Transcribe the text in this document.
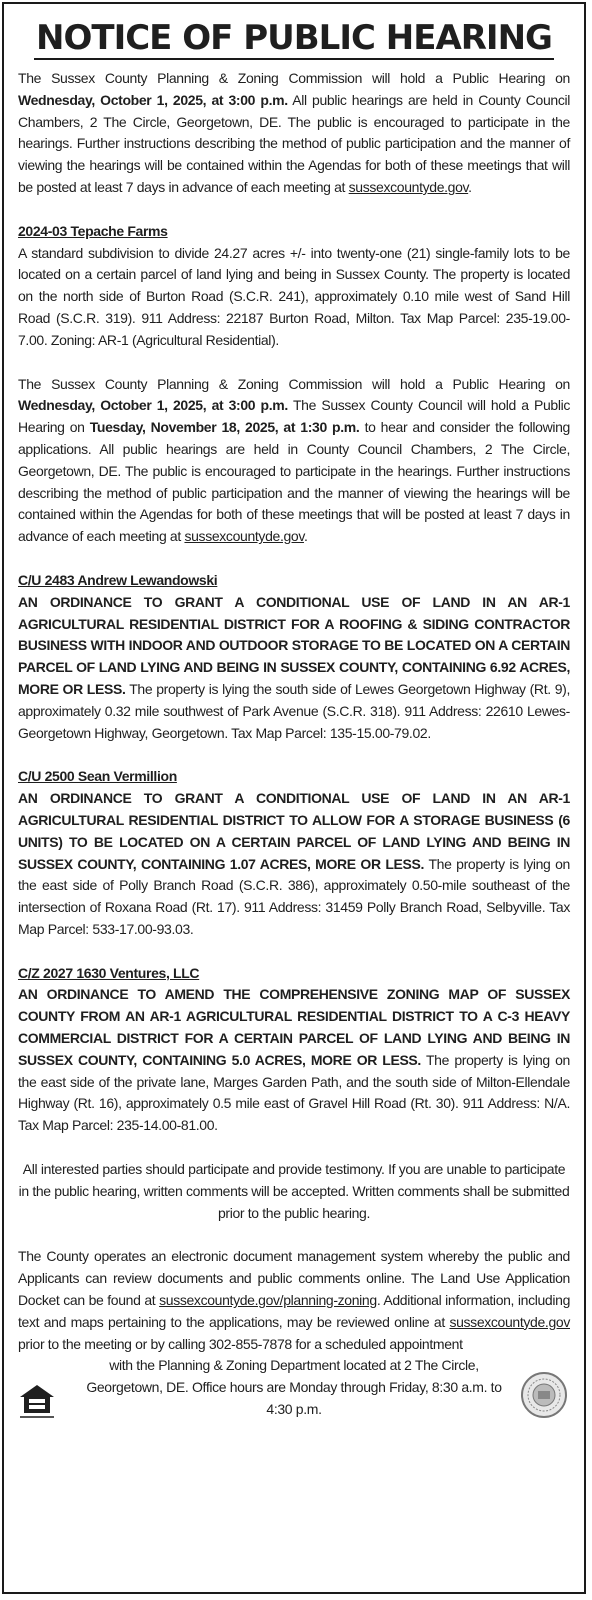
NOTICE OF PUBLIC HEARING

The Sussex County Planning & Zoning Commission will hold a Public Hearing on Wednesday, October 1, 2025, at 3:00 p.m. All public hearings are held in County Council Chambers, 2 The Circle, Georgetown, DE. The public is encouraged to participate in the hearings. Further instructions describing the method of public participation and the manner of viewing the hearings will be contained within the Agendas for both of these meetings that will be posted at least 7 days in advance of each meeting at sussexcountyde.gov.

2024-03 Tepache Farms
A standard subdivision to divide 24.27 acres +/- into twenty-one (21) single-family lots to be located on a certain parcel of land lying and being in Sussex County. The property is located on the north side of Burton Road (S.C.R. 241), approximately 0.10 mile west of Sand Hill Road (S.C.R. 319). 911 Address: 22187 Burton Road, Milton. Tax Map Parcel: 235-19.00-7.00. Zoning: AR-1 (Agricultural Residential).

The Sussex County Planning & Zoning Commission will hold a Public Hearing on Wednesday, October 1, 2025, at 3:00 p.m. The Sussex County Council will hold a Public Hearing on Tuesday, November 18, 2025, at 1:30 p.m. to hear and consider the following applications. All public hearings are held in County Council Chambers, 2 The Circle, Georgetown, DE. The public is encouraged to participate in the hearings. Further instructions describing the method of public participation and the manner of viewing the hearings will be contained within the Agendas for both of these meetings that will be posted at least 7 days in advance of each meeting at sussexcountyde.gov.

C/U 2483 Andrew Lewandowski
AN ORDINANCE TO GRANT A CONDITIONAL USE OF LAND IN AN AR-1 AGRICULTURAL RESIDENTIAL DISTRICT FOR A ROOFING & SIDING CONTRACTOR BUSINESS WITH INDOOR AND OUTDOOR STORAGE TO BE LOCATED ON A CERTAIN PARCEL OF LAND LYING AND BEING IN SUSSEX COUNTY, CONTAINING 6.92 ACRES, MORE OR LESS. The property is lying the south side of Lewes Georgetown Highway (Rt. 9), approximately 0.32 mile southwest of Park Avenue (S.C.R. 318). 911 Address: 22610 Lewes-Georgetown Highway, Georgetown. Tax Map Parcel: 135-15.00-79.02.

C/U 2500 Sean Vermillion
AN ORDINANCE TO GRANT A CONDITIONAL USE OF LAND IN AN AR-1 AGRICULTURAL RESIDENTIAL DISTRICT TO ALLOW FOR A STORAGE BUSINESS (6 UNITS) TO BE LOCATED ON A CERTAIN PARCEL OF LAND LYING AND BEING IN SUSSEX COUNTY, CONTAINING 1.07 ACRES, MORE OR LESS. The property is lying on the east side of Polly Branch Road (S.C.R. 386), approximately 0.50-mile southeast of the intersection of Roxana Road (Rt. 17). 911 Address: 31459 Polly Branch Road, Selbyville. Tax Map Parcel: 533-17.00-93.03.

C/Z 2027 1630 Ventures, LLC
AN ORDINANCE TO AMEND THE COMPREHENSIVE ZONING MAP OF SUSSEX COUNTY FROM AN AR-1 AGRICULTURAL RESIDENTIAL DISTRICT TO A C-3 HEAVY COMMERCIAL DISTRICT FOR A CERTAIN PARCEL OF LAND LYING AND BEING IN SUSSEX COUNTY, CONTAINING 5.0 ACRES, MORE OR LESS. The property is lying on the east side of the private lane, Marges Garden Path, and the south side of Milton-Ellendale Highway (Rt. 16), approximately 0.5 mile east of Gravel Hill Road (Rt. 30). 911 Address: N/A. Tax Map Parcel: 235-14.00-81.00.

All interested parties should participate and provide testimony. If you are unable to participate in the public hearing, written comments will be accepted. Written comments shall be submitted prior to the public hearing.

The County operates an electronic document management system whereby the public and Applicants can review documents and public comments online. The Land Use Application Docket can be found at sussexcountyde.gov/planning-zoning. Additional information, including text and maps pertaining to the applications, may be reviewed online at sussexcountyde.gov prior to the meeting or by calling 302-855-7878 for a scheduled appointment

with the Planning & Zoning Department located at 2 The Circle, Georgetown, DE. Office hours are Monday through Friday, 8:30 a.m. to 4:30 p.m.
